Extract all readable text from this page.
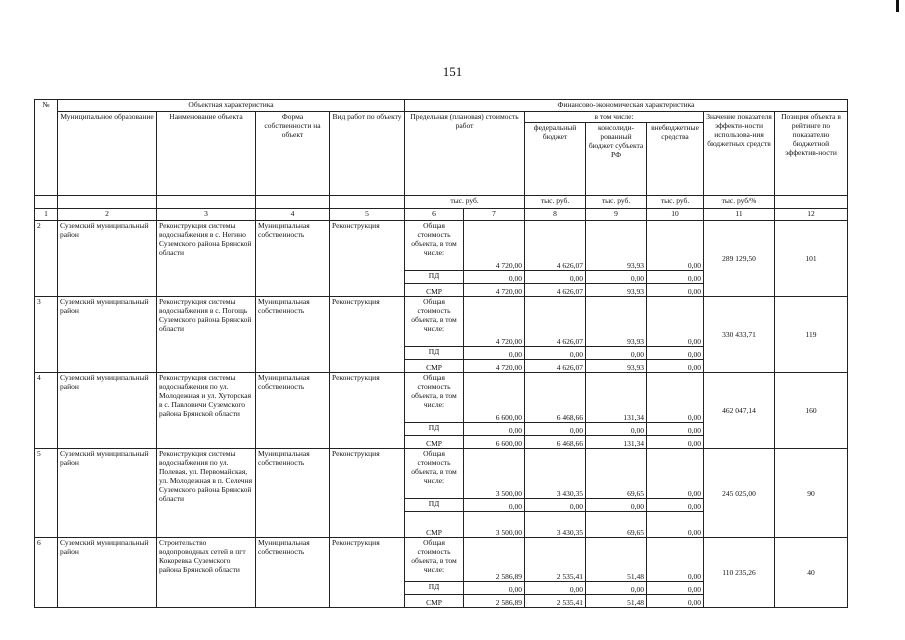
151
№	Объектная характеристика				Финансово-экономическая характеристика						
	Муниципальное образование	Наименование объекта	Форма собственности на объект	Вид работ по объекту	Предельная (плановая) стоимость работ		в том числе:			Значение показателя эффекти-ности использова-ния бюджетных средств	Позиция объекта в рейтинге по показателю бюджетной эффектив-ности
							федеральный бюджет	консолиди-рованный бюджет субъекта РФ	внебюджетные средства		
					тыс. руб.		тыс. руб.	тыс. руб.	тыс. руб.	тыс. руб/%	
1	2	3	4	5	6	7	8	9	10	11	12
2	Суземский муниципальный район	Реконструкция системы водоснабжения в с. Негино Суземского района Брянской области	Муниципальная собственность	Реконструкция	Общая стоимость объекта, в том числе:	4 720,00	4 626,07	93,93	0,00	289 129,50	101
					ПД	0,00	0,00	0,00	0,00		
					СМР	4 720,00	4 626,07	93,93	0,00		
3	Суземский муниципальный район	Реконструкция системы водоснабжения в с. Погощь Суземского района Брянской области	Муниципальная собственность	Реконструкция	Общая стоимость объекта, в том числе:	4 720,00	4 626,07	93,93	0,00	330 433,71	119
					ПД	0,00	0,00	0,00	0,00		
					СМР	4 720,00	4 626,07	93,93	0,00		
4	Суземский муниципальный район	Реконструкция системы водоснабжения по ул. Молодежная и ул. Хуторская в с. Павловичи Суземского района Брянской области	Муниципальная собственность	Реконструкция	Общая стоимость объекта, в том числе:	6 600,00	6 468,66	131,34	0,00	462 047,14	160
					ПД	0,00	0,00	0,00	0,00		
					СМР	6 600,00	6 468,66	131,34	0,00		
5	Суземский муниципальный район	Реконструкция системы водоснабжения по ул. Полевая, ул. Первомайская, ул. Молодежная в п. Селечня Суземского района Брянской области	Муниципальная собственность	Реконструкция	Общая стоимость объекта, в том числе:	3 500,00	3 430,35	69,65	0,00	245 025,00	90
					ПД	0,00	0,00	0,00	0,00		
					СМР	3 500,00	3 430,35	69,65	0,00		
6	Суземский муниципальный район	Строительство водопроводных сетей в пгт Кокоревка Суземского района Брянской области	Муниципальная собственность	Реконструкция	Общая стоимость объекта, в том числе:	2 586,89	2 535,41	51,48	0,00	110 235,26	40
					ПД	0,00	0,00	0,00	0,00		
					СМР	2 586,89	2 535,41	51,48	0,00		
